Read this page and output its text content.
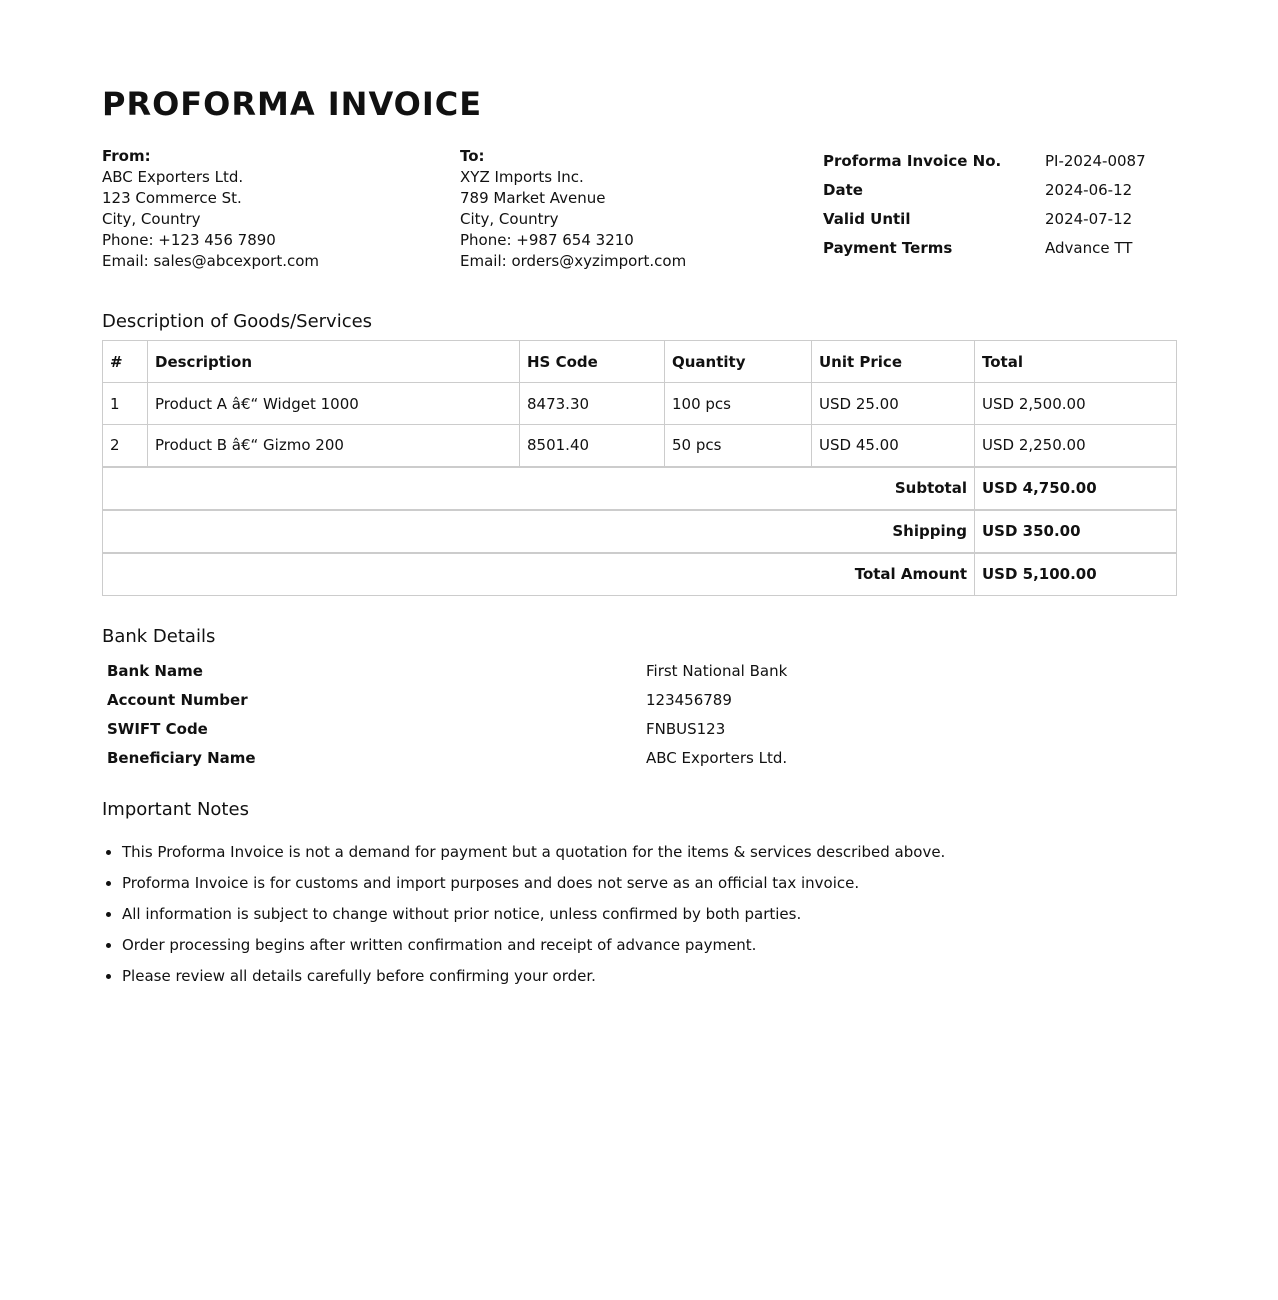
PROFORMA INVOICE
From:
ABC Exporters Ltd.
123 Commerce St.
City, Country
Phone: +123 456 7890
Email: sales@abcexport.com
To:
XYZ Imports Inc.
789 Market Avenue
City, Country
Phone: +987 654 3210
Email: orders@xyzimport.com
Proforma Invoice No.	PI-2024-0087
Date	2024-06-12
Valid Until	2024-07-12
Payment Terms	Advance TT
Description of Goods/Services
#	Description	HS Code	Quantity	Unit Price	Total
1	Product A â€“ Widget 1000	8473.30	100 pcs	USD 25.00	USD 2,500.00
2	Product B â€“ Gizmo 200	8501.40	50 pcs	USD 45.00	USD 2,250.00
Subtotal					USD 4,750.00
Shipping					USD 350.00
Total Amount					USD 5,100.00
Bank Details
Bank Name	First National Bank
Account Number	123456789
SWIFT Code	FNBUS123
Beneficiary Name	ABC Exporters Ltd.
Important Notes
• This Proforma Invoice is not a demand for payment but a quotation for the items & services described above.
• Proforma Invoice is for customs and import purposes and does not serve as an official tax invoice.
• All information is subject to change without prior notice, unless confirmed by both parties.
• Order processing begins after written confirmation and receipt of advance payment.
• Please review all details carefully before confirming your order.
